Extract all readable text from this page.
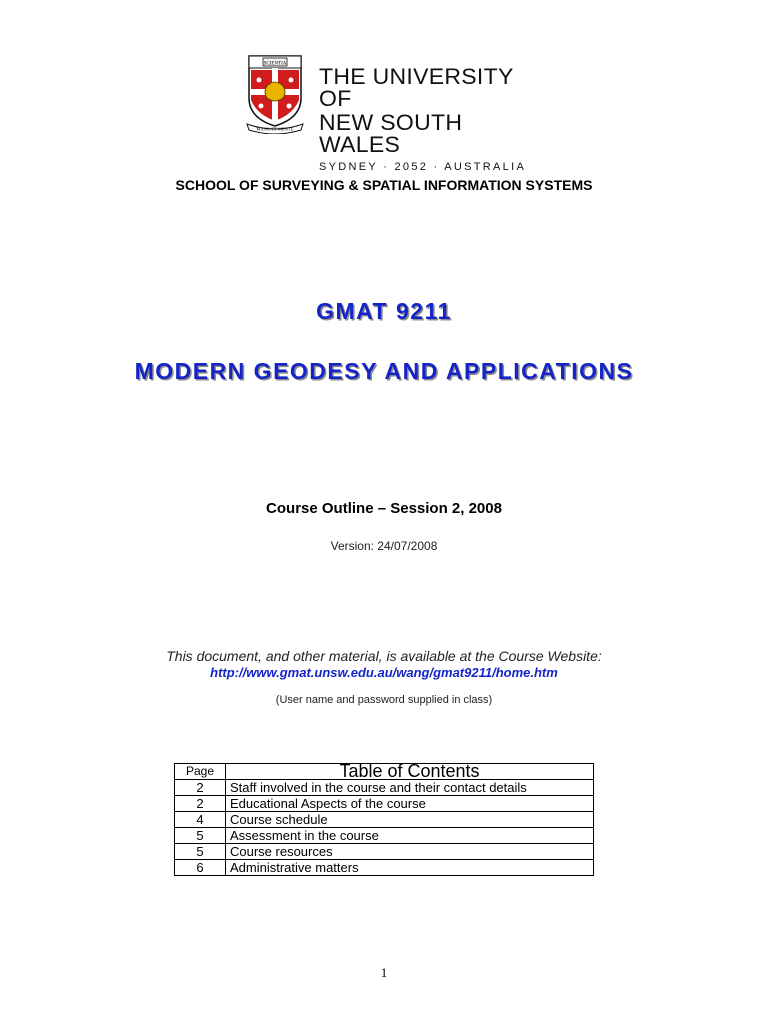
SCIENTIA
MANU ET MENTE
THE UNIVERSITY OF
NEW SOUTH WALES
SYDNEY · 2052 · AUSTRALIA
SCHOOL OF SURVEYING & SPATIAL INFORMATION SYSTEMS
GMAT 9211
MODERN GEODESY AND APPLICATIONS
Course Outline – Session 2, 2008
Version: 24/07/2008
This document, and other material, is available at the Course Website:
http://www.gmat.unsw.edu.au/wang/gmat9211/home.htm
(User name and password supplied in class)
Page	Table of Contents
2	Staff involved in the course and their contact details
2	Educational Aspects of the course
4	Course schedule
5	Assessment in the course
5	Course resources
6	Administrative matters
1
